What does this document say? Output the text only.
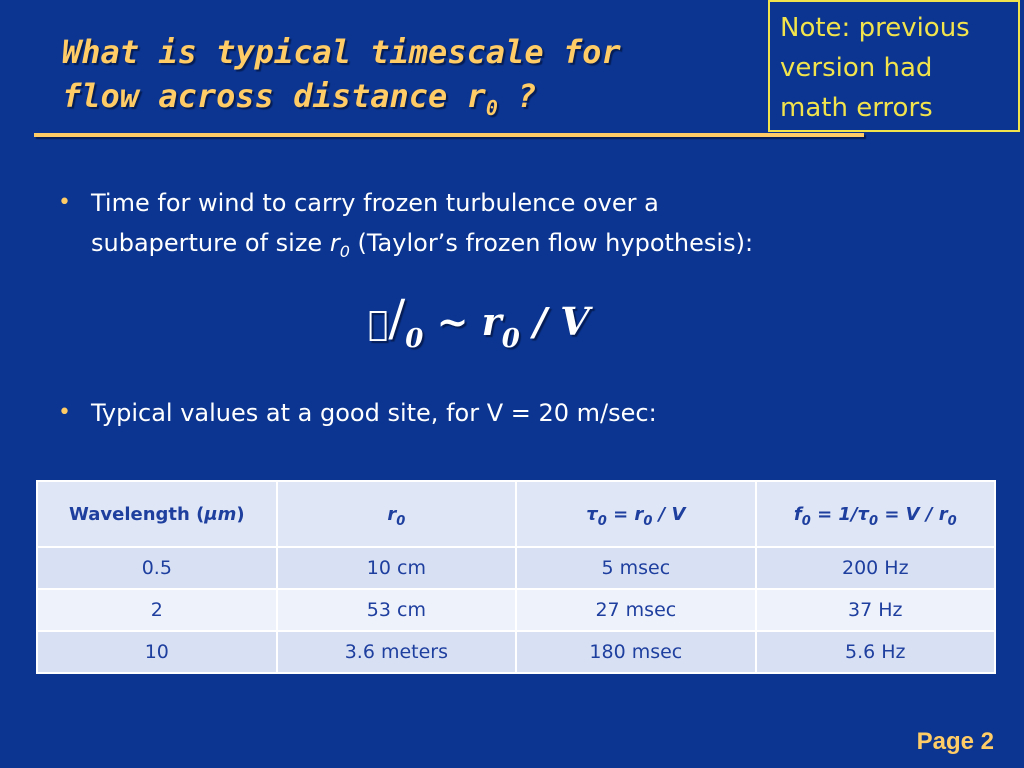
What is typical timescale for
flow across distance $r_0$ ?
Note: previous
version had
math errors
• Time for wind to carry frozen turbulence over a
subaperture of size $r_0$ (Taylor’s frozen flow hypothesis):
$/_0$ ~ $r_0$ / V
• Typical values at a good site, for V = 20 m/sec:
Wavelength (μm)	$r_0$	$\tau_0 = r_0 / V$	$f_0 = 1/\tau_0 = V / r_0$
0.5	10 cm	5 msec	200 Hz
2	53 cm	27 msec	37 Hz
10	3.6 meters	180 msec	5.6 Hz
Page 2
